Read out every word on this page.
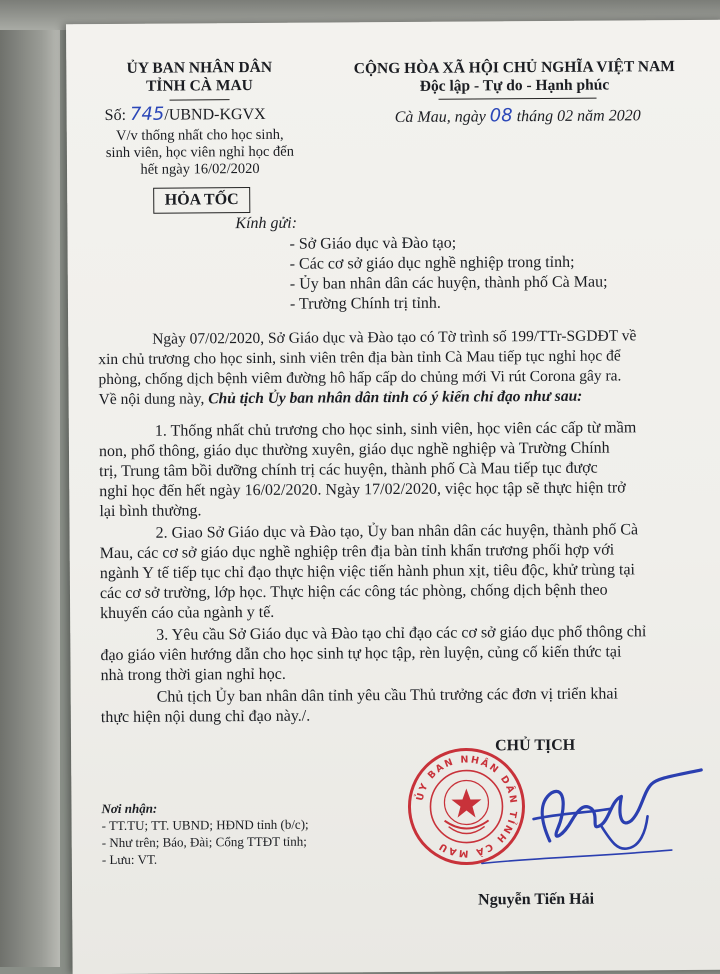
ỦY BAN NHÂN DÂN
TỈNH CÀ MAU
Số: 745/UBND-KGVX
V/v thống nhất cho học sinh,
sinh viên, học viên nghỉ học đến
hết ngày 16/02/2020
CỘNG HÒA XÃ HỘI CHỦ NGHĨA VIỆT NAM
Độc lập - Tự do - Hạnh phúc
Cà Mau, ngày 08 tháng 02 năm 2020
HỎA TỐC
Kính gửi:
- Sở Giáo dục và Đào tạo;
- Các cơ sở giáo dục nghề nghiệp trong tỉnh;
- Ủy ban nhân dân các huyện, thành phố Cà Mau;
- Trường Chính trị tỉnh.
Ngày 07/02/2020, Sở Giáo dục và Đào tạo có Tờ trình số 199/TTr-SGDĐT về
xin chủ trương cho học sinh, sinh viên trên địa bàn tỉnh Cà Mau tiếp tục nghỉ học để
phòng, chống dịch bệnh viêm đường hô hấp cấp do chủng mới Vi rút Corona gây ra.
Về nội dung này, Chủ tịch Ủy ban nhân dân tỉnh có ý kiến chỉ đạo như sau:
1. Thống nhất chủ trương cho học sinh, sinh viên, học viên các cấp từ mầm
non, phổ thông, giáo dục thường xuyên, giáo dục nghề nghiệp và Trường Chính
trị, Trung tâm bồi dưỡng chính trị các huyện, thành phố Cà Mau tiếp tục được
nghỉ học đến hết ngày 16/02/2020. Ngày 17/02/2020, việc học tập sẽ thực hiện trở
lại bình thường.
2. Giao Sở Giáo dục và Đào tạo, Ủy ban nhân dân các huyện, thành phố Cà
Mau, các cơ sở giáo dục nghề nghiệp trên địa bàn tỉnh khẩn trương phối hợp với
ngành Y tế tiếp tục chỉ đạo thực hiện việc tiến hành phun xịt, tiêu độc, khử trùng tại
các cơ sở trường, lớp học. Thực hiện các công tác phòng, chống dịch bệnh theo
khuyến cáo của ngành y tế.
3. Yêu cầu Sở Giáo dục và Đào tạo chỉ đạo các cơ sở giáo dục phổ thông chỉ
đạo giáo viên hướng dẫn cho học sinh tự học tập, rèn luyện, củng cố kiến thức tại
nhà trong thời gian nghỉ học.
Chủ tịch Ủy ban nhân dân tỉnh yêu cầu Thủ trưởng các đơn vị triển khai
thực hiện nội dung chỉ đạo này./.
CHỦ TỊCH
ỦY BAN NHÂN DÂN TỈNH CÀ MAU
Nguyễn Tiến Hải
Nơi nhận:
- TT.TU; TT. UBND; HĐND tỉnh (b/c);
- Như trên; Báo, Đài; Cổng TTĐT tỉnh;
- Lưu: VT.
